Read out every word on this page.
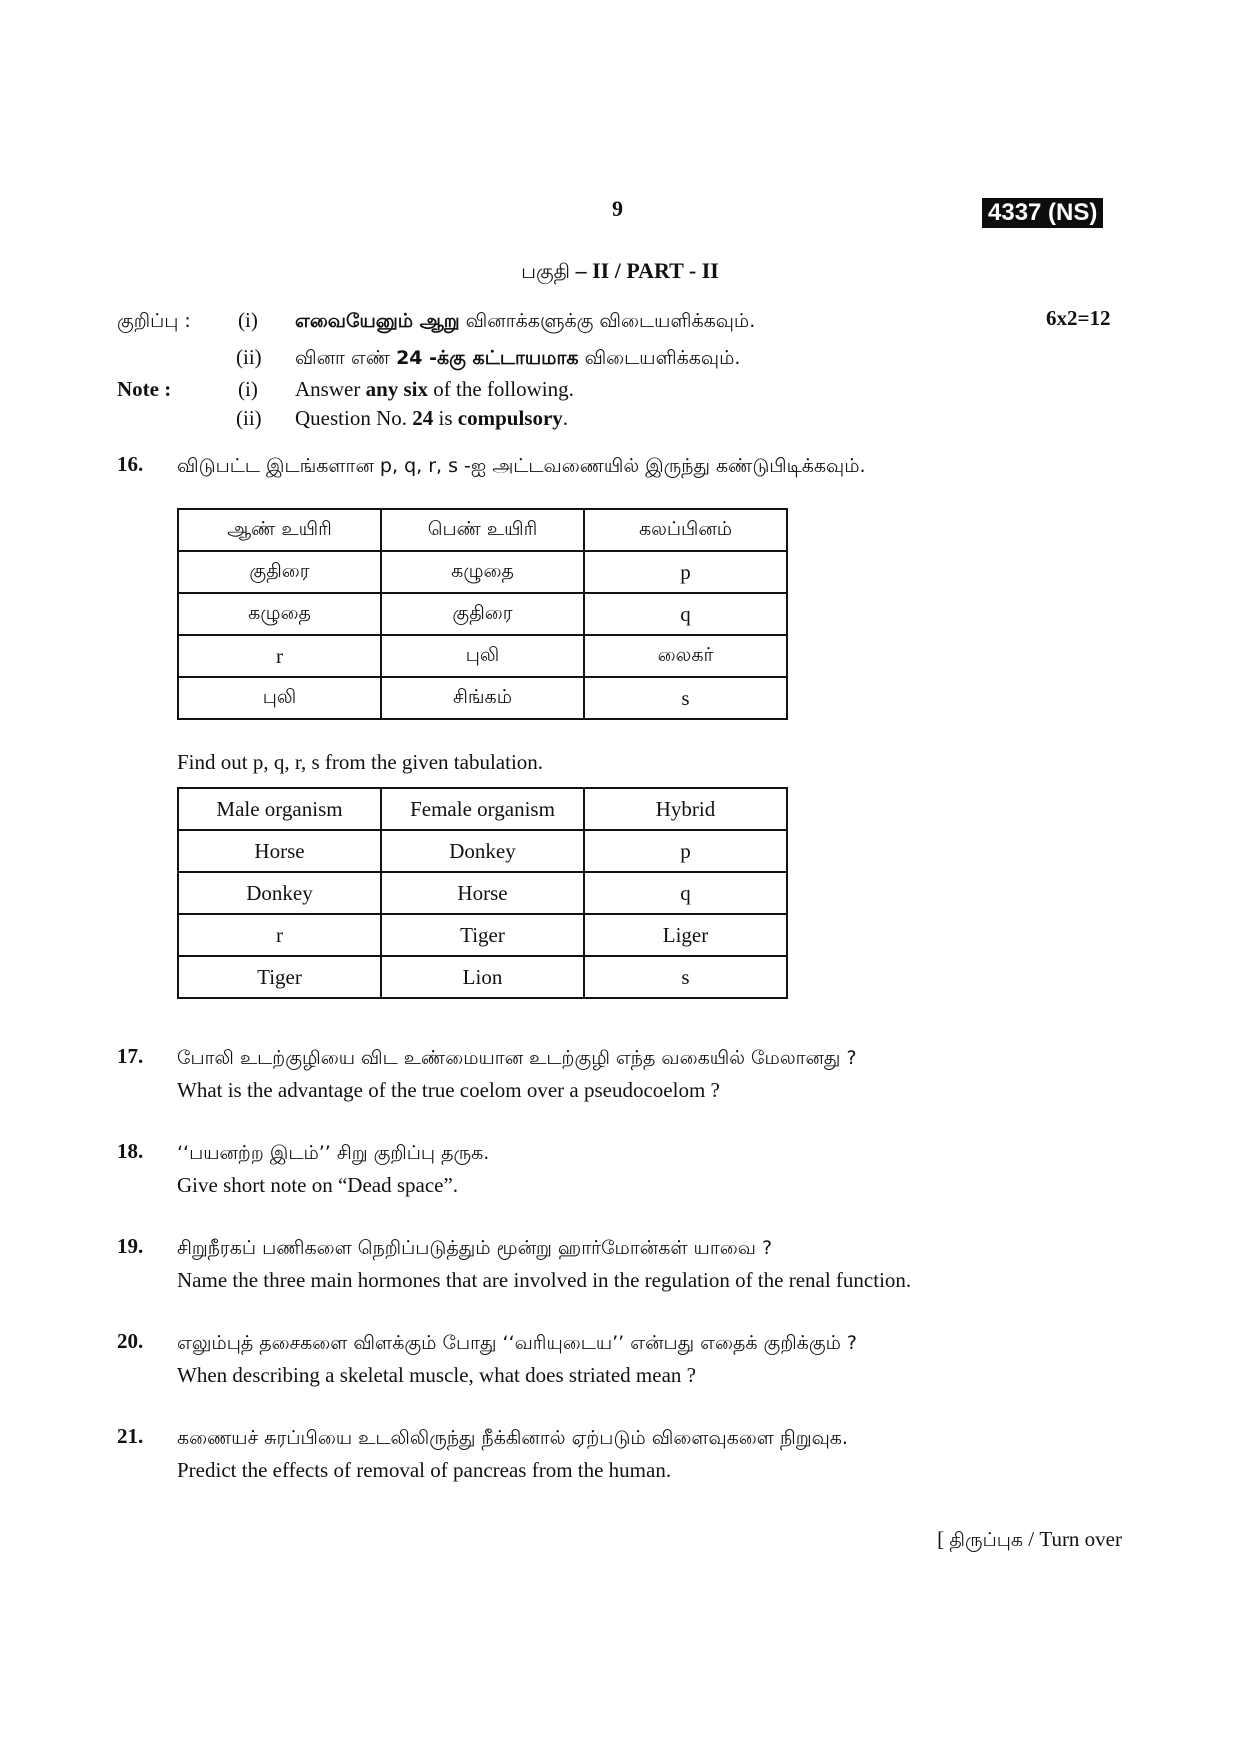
9	4337 (NS)
பகுதி – II / PART - II
குறிப்பு : (i) எவையேனும் ஆறு வினாக்களுக்கு விடையளிக்கவும்.	6x2=12
(ii) வினா எண் 24 -க்கு கட்டாயமாக விடையளிக்கவும்.
Note :	(i) Answer any six of the following.
(ii) Question No. 24 is compulsory.
16. விடுபட்ட இடங்களான p, q, r, s -ஐ அட்டவணையில் இருந்து கண்டுபிடிக்கவும்.
ஆண் உயிரி	பெண் உயிரி	கலப்பினம்
குதிரை	கழுதை	p
கழுதை	குதிரை	q
r	புலி	லைகர்
புலி	சிங்கம்	s
Find out p, q, r, s from the given tabulation.
Male organism	Female organism	Hybrid
Horse	Donkey	p
Donkey	Horse	q
r	Tiger	Liger
Tiger	Lion	s
17. போலி உடற்குழியை விட உண்மையான உடற்குழி எந்த வகையில் மேலானது ?
What is the advantage of the true coelom over a pseudocoelom ?
18. ‘‘பயனற்ற இடம்’’ சிறு குறிப்பு தருக.
Give short note on “Dead space”.
19. சிறுநீரகப் பணிகளை நெறிப்படுத்தும் மூன்று ஹார்மோன்கள் யாவை ?
Name the three main hormones that are involved in the regulation of the renal function.
20. எலும்புத் தசைகளை விளக்கும் போது ‘‘வரியுடைய’’ என்பது எதைக் குறிக்கும் ?
When describing a skeletal muscle, what does striated mean ?
21. கணையச் சுரப்பியை உடலிலிருந்து நீக்கினால் ஏற்படும் விளைவுகளை நிறுவுக.
Predict the effects of removal of pancreas from the human.
[ திருப்புக / Turn over
